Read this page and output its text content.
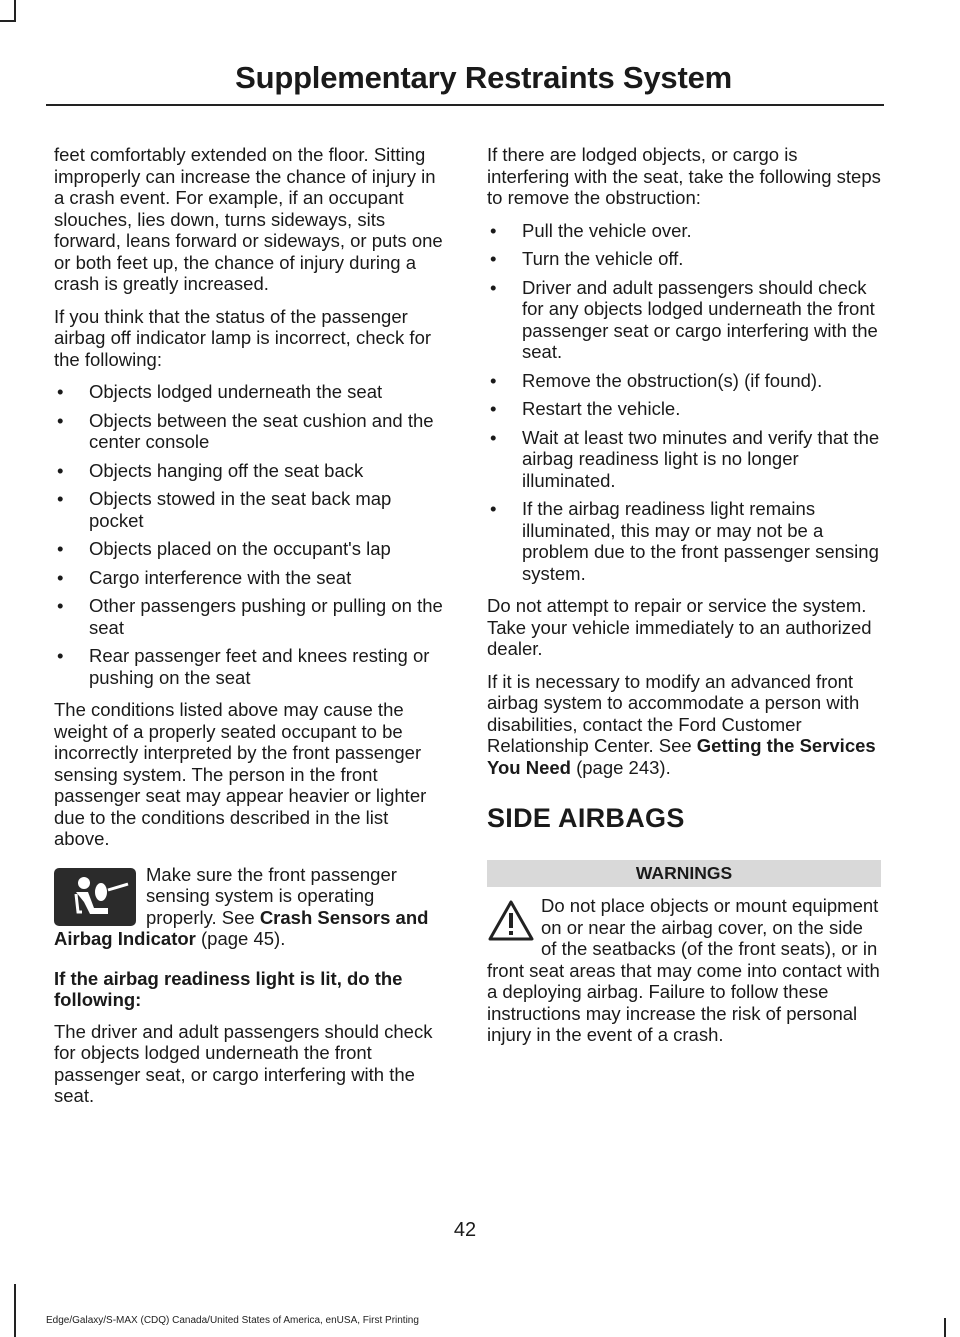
Supplementary Restraints System

feet comfortably extended on the floor. Sitting improperly can increase the chance of injury in a crash event. For example, if an occupant slouches, lies down, turns sideways, sits forward, leans forward or sideways, or puts one or both feet up, the chance of injury during a crash is greatly increased.

If you think that the status of the passenger airbag off indicator lamp is incorrect, check for the following:

• Objects lodged underneath the seat
• Objects between the seat cushion and the center console
• Objects hanging off the seat back
• Objects stowed in the seat back map pocket
• Objects placed on the occupant's lap
• Cargo interference with the seat
• Other passengers pushing or pulling on the seat
• Rear passenger feet and knees resting or pushing on the seat

The conditions listed above may cause the weight of a properly seated occupant to be incorrectly interpreted by the front passenger sensing system. The person in the front passenger seat may appear heavier or lighter due to the conditions described in the list above.

Make sure the front passenger sensing system is operating properly. See Crash Sensors and Airbag Indicator (page 45).

If the airbag readiness light is lit, do the following:

The driver and adult passengers should check for objects lodged underneath the front passenger seat, or cargo interfering with the seat.

If there are lodged objects, or cargo is interfering with the seat, take the following steps to remove the obstruction:

• Pull the vehicle over.
• Turn the vehicle off.
• Driver and adult passengers should check for any objects lodged underneath the front passenger seat or cargo interfering with the seat.
• Remove the obstruction(s) (if found).
• Restart the vehicle.
• Wait at least two minutes and verify that the airbag readiness light is no longer illuminated.
• If the airbag readiness light remains illuminated, this may or may not be a problem due to the front passenger sensing system.

Do not attempt to repair or service the system. Take your vehicle immediately to an authorized dealer.

If it is necessary to modify an advanced front airbag system to accommodate a person with disabilities, contact the Ford Customer Relationship Center. See Getting the Services You Need (page 243).

SIDE AIRBAGS
WARNINGS

Do not place objects or mount equipment on or near the airbag cover, on the side of the seatbacks (of the front seats), or in front seat areas that may come into contact with a deploying airbag. Failure to follow these instructions may increase the risk of personal injury in the event of a crash.

42
Edge/Galaxy/S-MAX (CDQ) Canada/United States of America, enUSA, First Printing
